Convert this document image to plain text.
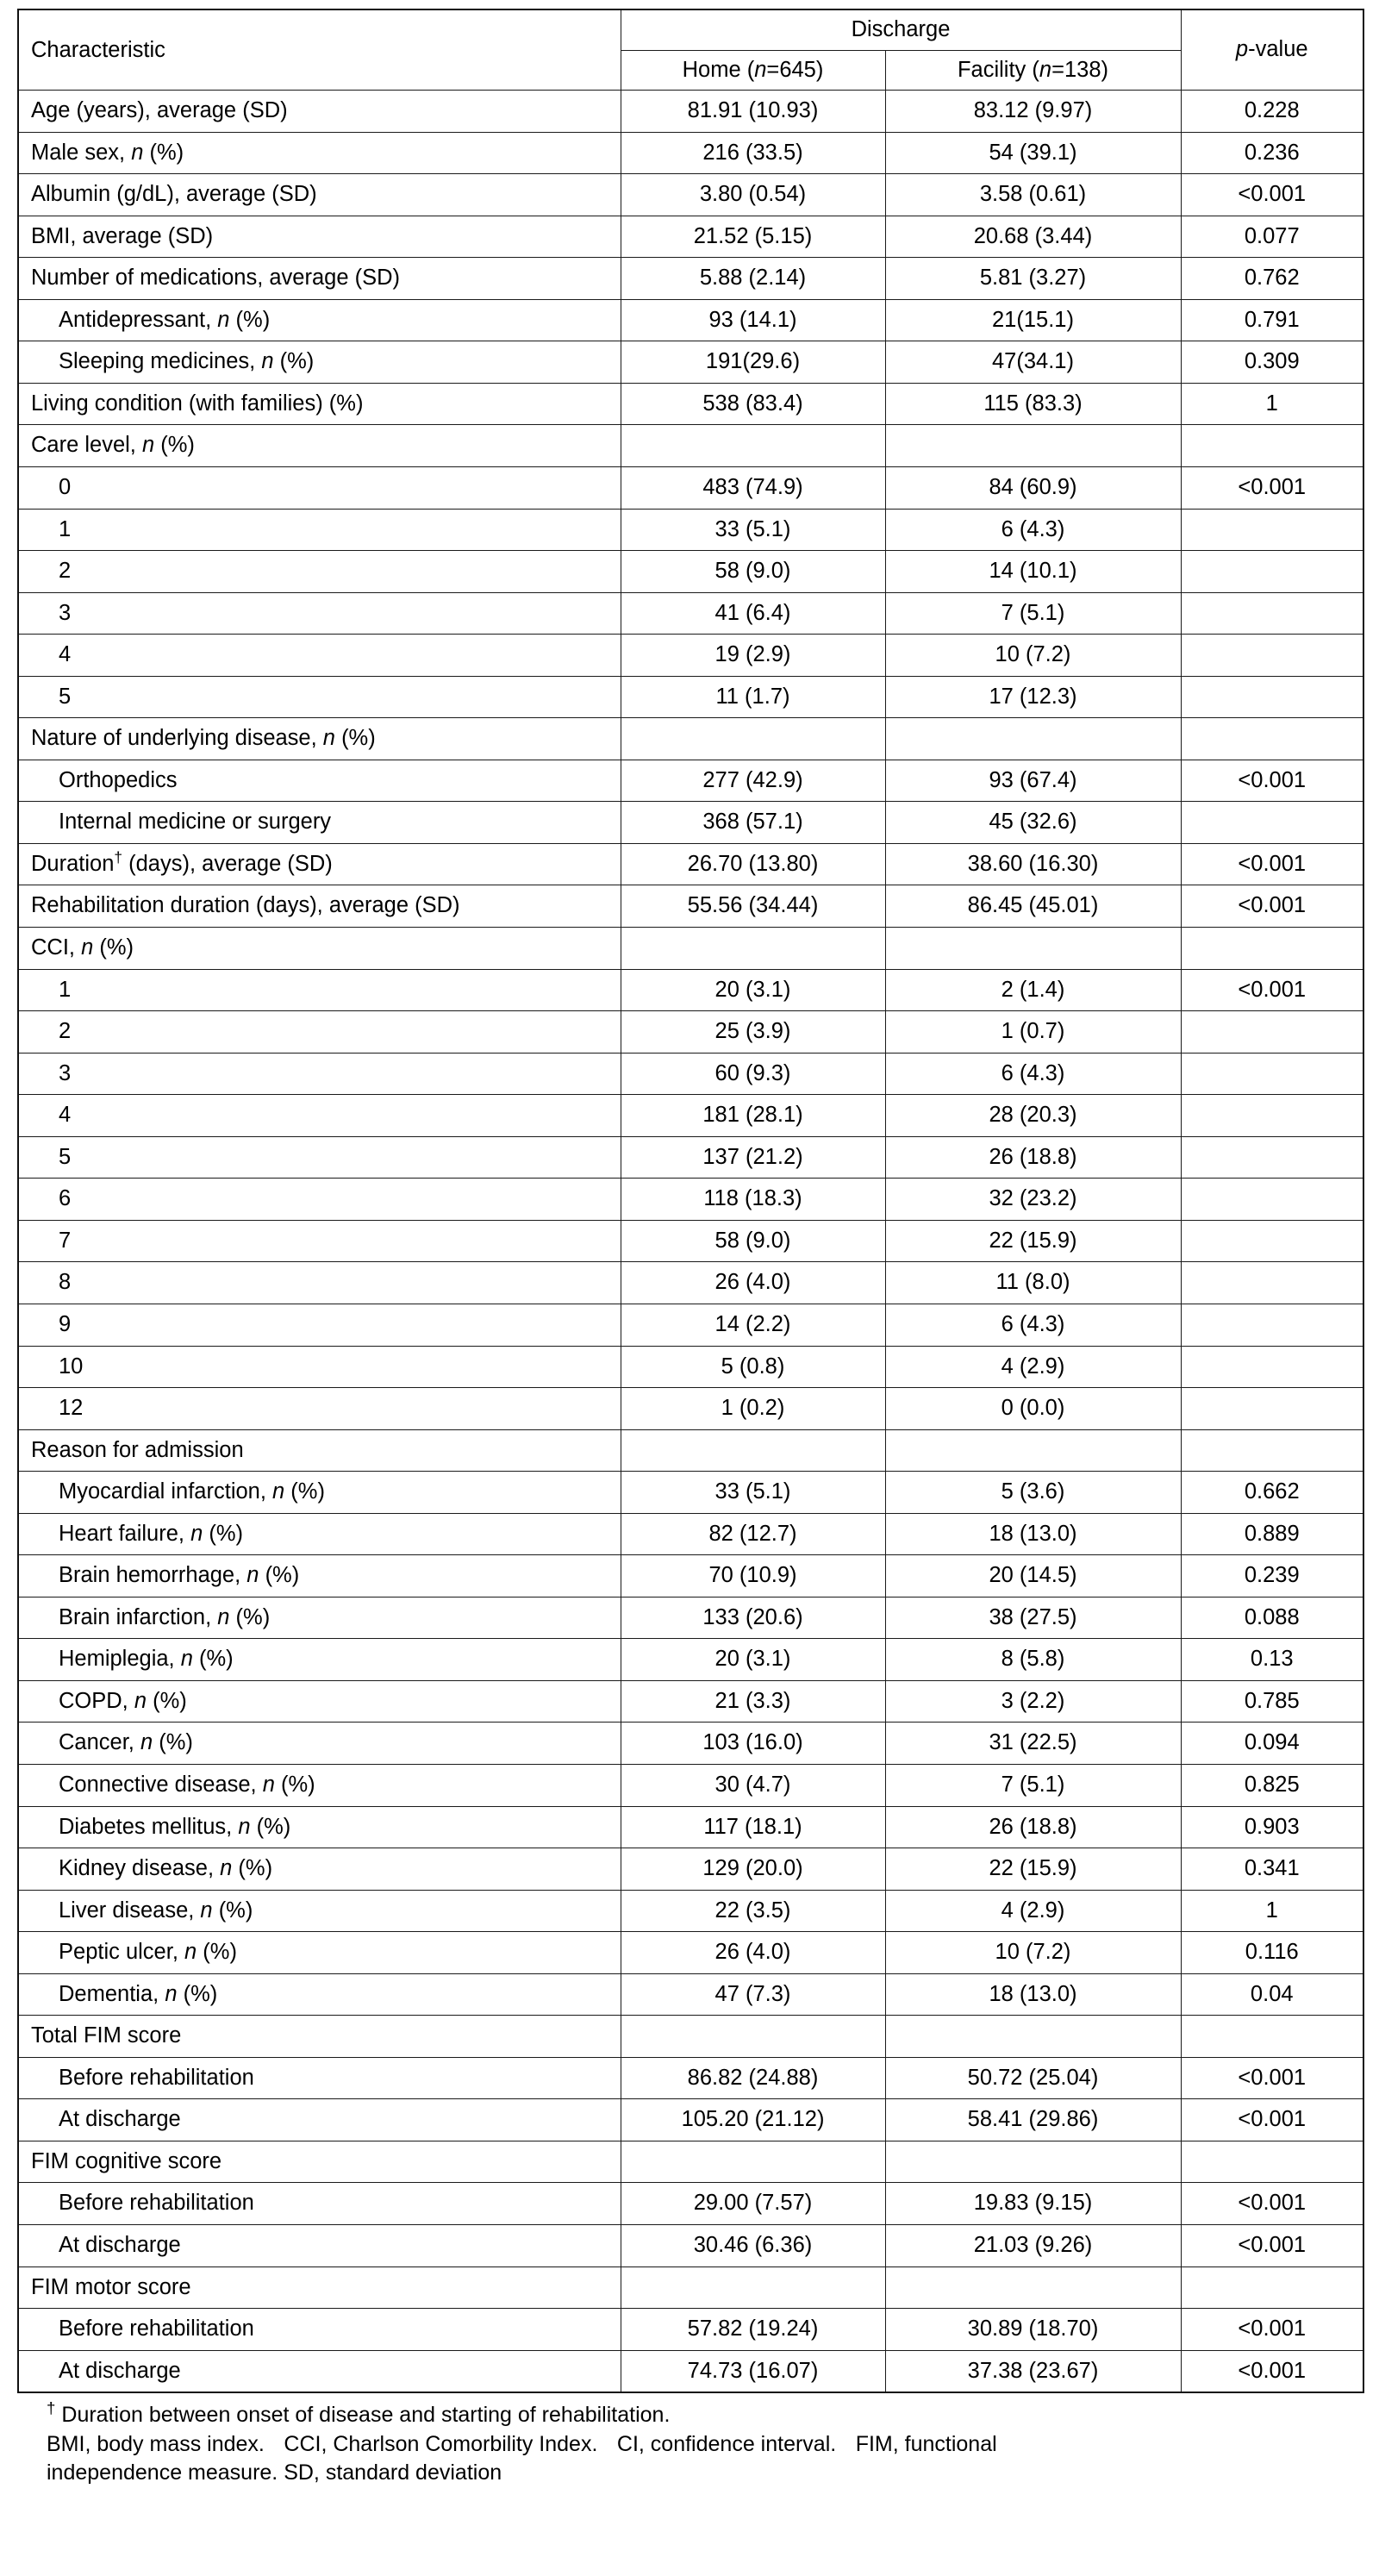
Characteristic	Discharge		p-value

	Home (n=645)	Facility (n=138)	

Age (years), average (SD)	81.91 (10.93)	83.12 (9.97)	0.228

Male sex, n (%)	216 (33.5)	54 (39.1)	0.236

Albumin (g/dL), average (SD)	3.80 (0.54)	3.58 (0.61)	<0.001

BMI, average (SD)	21.52 (5.15)	20.68 (3.44)	0.077

Number of medications, average (SD)	5.88 (2.14)	5.81 (3.27)	0.762

Antidepressant, n (%)	93 (14.1)	21(15.1)	0.791

Sleeping medicines, n (%)	191(29.6)	47(34.1)	0.309

Living condition (with families) (%)	538 (83.4)	115 (83.3)	1

Care level, n (%)			

0	483 (74.9)	84 (60.9)	<0.001

1	33 (5.1)	6 (4.3)	

2	58 (9.0)	14 (10.1)	

3	41 (6.4)	7 (5.1)	

4	19 (2.9)	10 (7.2)	

5	11 (1.7)	17 (12.3)	

Nature of underlying disease, n (%)			

Orthopedics	277 (42.9)	93 (67.4)	<0.001

Internal medicine or surgery	368 (57.1)	45 (32.6)	

Duration† (days), average (SD)	26.70 (13.80)	38.60 (16.30)	<0.001

Rehabilitation duration (days), average (SD)	55.56 (34.44)	86.45 (45.01)	<0.001

CCI, n (%)			

1	20 (3.1)	2 (1.4)	<0.001

2	25 (3.9)	1 (0.7)	

3	60 (9.3)	6 (4.3)	

4	181 (28.1)	28 (20.3)	

5	137 (21.2)	26 (18.8)	

6	118 (18.3)	32 (23.2)	

7	58 (9.0)	22 (15.9)	

8	26 (4.0)	11 (8.0)	

9	14 (2.2)	6 (4.3)	

10	5 (0.8)	4 (2.9)	

12	1 (0.2)	0 (0.0)	

Reason for admission			

Myocardial infarction, n (%)	33 (5.1)	5 (3.6)	0.662

Heart failure, n (%)	82 (12.7)	18 (13.0)	0.889

Brain hemorrhage, n (%)	70 (10.9)	20 (14.5)	0.239

Brain infarction, n (%)	133 (20.6)	38 (27.5)	0.088

Hemiplegia, n (%)	20 (3.1)	8 (5.8)	0.13

COPD, n (%)	21 (3.3)	3 (2.2)	0.785

Cancer, n (%)	103 (16.0)	31 (22.5)	0.094

Connective disease, n (%)	30 (4.7)	7 (5.1)	0.825

Diabetes mellitus, n (%)	117 (18.1)	26 (18.8)	0.903

Kidney disease, n (%)	129 (20.0)	22 (15.9)	0.341

Liver disease, n (%)	22 (3.5)	4 (2.9)	1

Peptic ulcer, n (%)	26 (4.0)	10 (7.2)	0.116

Dementia, n (%)	47 (7.3)	18 (13.0)	0.04

Total FIM score			

Before rehabilitation	86.82 (24.88)	50.72 (25.04)	<0.001

At discharge	105.20 (21.12)	58.41 (29.86)	<0.001

FIM cognitive score			

Before rehabilitation	29.00 (7.57)	19.83 (9.15)	<0.001

At discharge	30.46 (6.36)	21.03 (9.26)	<0.001

FIM motor score			

Before rehabilitation	57.82 (19.24)	30.89 (18.70)	<0.001

At discharge	74.73 (16.07)	37.38 (23.67)	<0.001
† Duration between onset of disease and starting of rehabilitation.
BMI, body mass index. CCI, Charlson Comorbility Index. CI, confidence interval. FIM, functional
independence measure. SD, standard deviation
